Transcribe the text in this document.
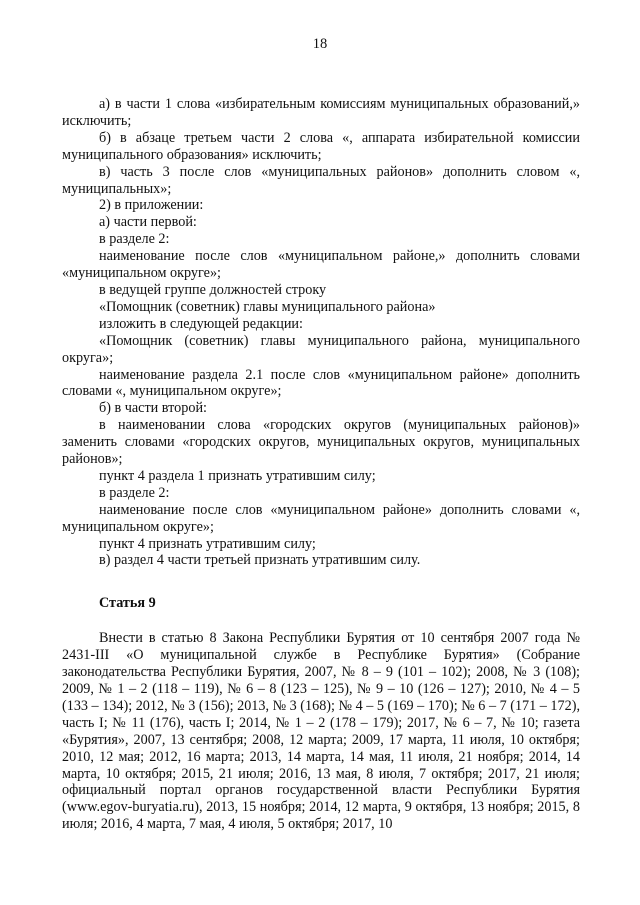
18

а) в части 1 слова «избирательным комиссиям муниципальных образований,» исключить;

б) в абзаце третьем части 2 слова «, аппарата избирательной комиссии муниципального образования» исключить;

в) часть 3 после слов «муниципальных районов» дополнить словом «, муниципальных»;

2) в приложении:

а) части первой:

в разделе 2:

наименование после слов «муниципальном районе,» дополнить словами «муниципальном округе»;

в ведущей группе должностей строку

«Помощник (советник) главы муниципального района»

изложить в следующей редакции:

«Помощник (советник) главы муниципального района, муниципального округа»;

наименование раздела 2.1 после слов «муниципальном районе» дополнить словами «, муниципальном округе»;

б) в части второй:

в наименовании слова «городских округов (муниципальных районов)» заменить словами «городских округов, муниципальных округов, муниципальных районов»;

пункт 4 раздела 1 признать утратившим силу;

в разделе 2:

наименование после слов «муниципальном районе» дополнить словами «, муниципальном округе»;

пункт 4 признать утратившим силу;

в) раздел 4 части третьей признать утратившим силу.

Статья 9

Внести в статью 8 Закона Республики Бурятия от 10 сентября 2007 года № 2431-III «О муниципальной службе в Республике Бурятия» (Собрание законодательства Республики Бурятия, 2007, № 8 – 9 (101 – 102); 2008, № 3 (108); 2009, № 1 – 2 (118 – 119), № 6 – 8 (123 – 125), № 9 – 10 (126 – 127); 2010, № 4 – 5 (133 – 134); 2012, № 3 (156); 2013, № 3 (168); № 4 – 5 (169 – 170); № 6 – 7 (171 – 172), часть I; № 11 (176), часть I; 2014, № 1 – 2 (178 – 179); 2017, № 6 – 7, № 10; газета «Бурятия», 2007, 13 сентября; 2008, 12 марта; 2009, 17 марта, 11 июля, 10 октября; 2010, 12 мая; 2012, 16 марта; 2013, 14 марта, 14 мая, 11 июля, 21 ноября; 2014, 14 марта, 10 октября; 2015, 21 июля; 2016, 13 мая, 8 июля, 7 октября; 2017, 21 июля; официальный портал органов государственной власти Республики Бурятия (www.egov-buryatia.ru), 2013, 15 ноября; 2014, 12 марта, 9 октября, 13 ноября; 2015, 8 июля; 2016, 4 марта, 7 мая, 4 июля, 5 октября; 2017, 10
